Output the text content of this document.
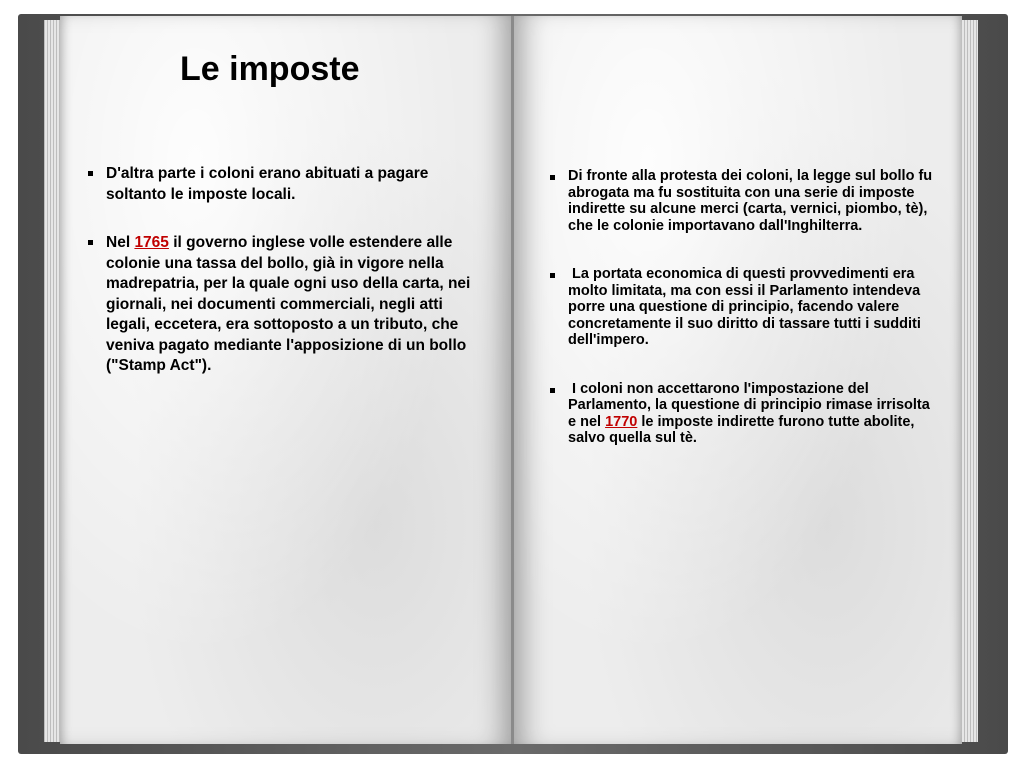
Le imposte
D'altra parte i coloni erano abituati a pagare soltanto le imposte locali.
Nel 1765 il governo inglese volle estendere alle colonie una tassa del bollo, già in vigore nella madrepatria, per la quale ogni uso della carta, nei giornali, nei documenti commerciali, negli atti legali, eccetera, era sottoposto a un tributo, che veniva pagato mediante l'apposizione di un bollo ("Stamp Act").
Di fronte alla protesta dei coloni, la legge sul bollo fu abrogata ma fu sostituita con una serie di imposte indirette su alcune merci (carta, vernici, piombo, tè), che le colonie importavano dall'Inghilterra.
La portata economica di questi provvedimenti era molto limitata, ma con essi il Parlamento intendeva porre una questione di principio, facendo valere concretamente il suo diritto di tassare tutti i sudditi dell'impero.
I coloni non accettarono l'impostazione del Parlamento, la questione di principio rimase irrisolta e nel 1770 le imposte indirette furono tutte abolite, salvo quella sul tè.
